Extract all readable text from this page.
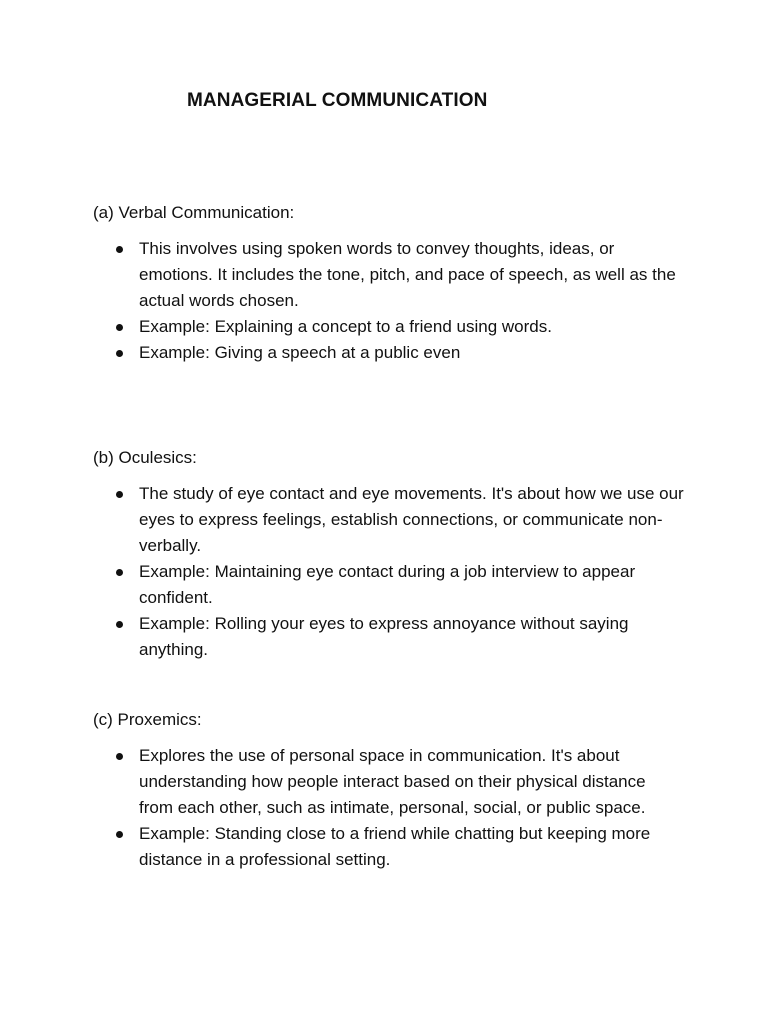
MANAGERIAL COMMUNICATION

(a) Verbal Communication:

This involves using spoken words to convey thoughts, ideas, or emotions. It includes the tone, pitch, and pace of speech, as well as the actual words chosen.
Example: Explaining a concept to a friend using words.
Example: Giving a speech at a public even

(b) Oculesics:

The study of eye contact and eye movements. It's about how we use our eyes to express feelings, establish connections, or communicate non-verbally.
Example: Maintaining eye contact during a job interview to appear confident.
Example: Rolling your eyes to express annoyance without saying anything.

(c) Proxemics:

Explores the use of personal space in communication. It's about understanding how people interact based on their physical distance from each other, such as intimate, personal, social, or public space.
Example: Standing close to a friend while chatting but keeping more distance in a professional setting.
